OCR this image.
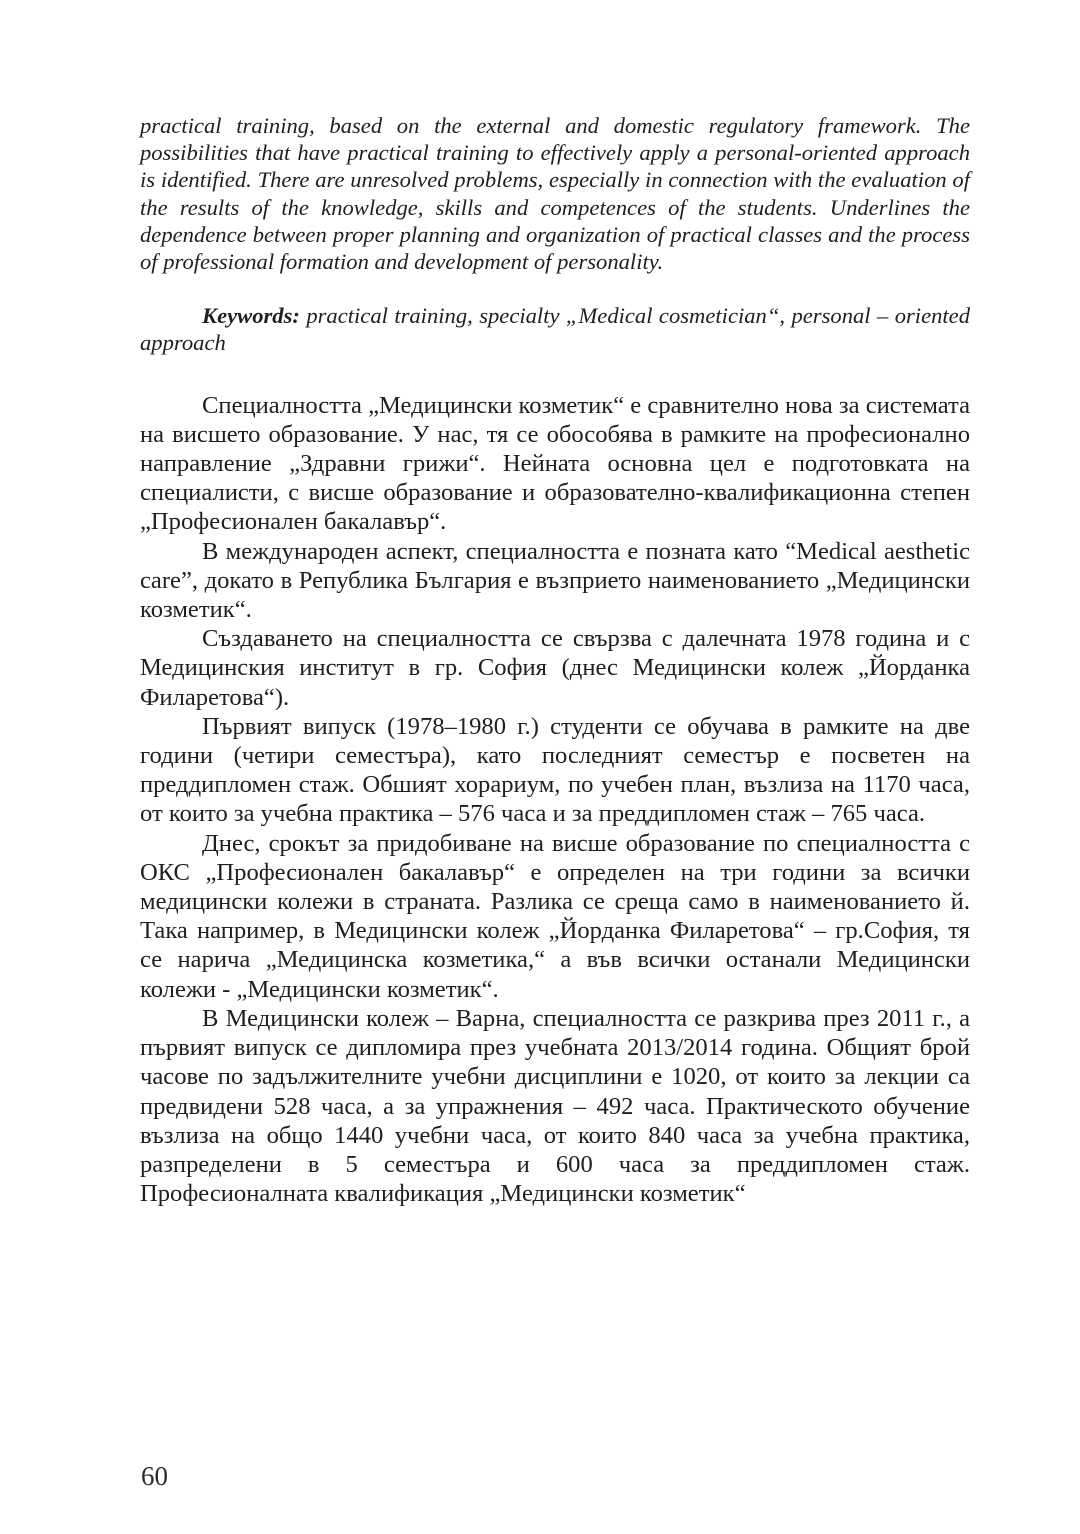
practical training, based on the external and domestic regulatory framework. The possibilities that have practical training to effectively apply a personal-oriented approach is identified. There are unresolved problems, especially in connection with the evaluation of the results of the knowledge, skills and competences of the students. Underlines the dependence between proper planning and organization of practical classes and the process of professional formation and development of personality.

Keywords: practical training, specialty „Medical cosmetician“, personal – oriented approach

Специалността „Медицински козметик“ е сравнително нова за системата на висшето образование. У нас, тя се обособява в рамките на професионално направление „Здравни грижи“. Нейната основна цел е подготовката на специалисти, с висше образование и образователно-квалификационна степен „Професионален бакалавър“.

В международен аспект, специалността е позната като “Medical aesthetic care”, докато в Република България е възприето наименованието „Медицински козметик“.

Създаването на специалността се свързва с далечната 1978 година и с Медицинския институт в гр. София (днес Медицински колеж „Йорданка Филаретова“).

Първият випуск (1978–1980 г.) студенти се обучава в рамките на две години (четири семестъра), като последният семестър е посветен на преддипломен стаж. Обшият хорариум, по учебен план, възлиза на 1170 часа, от които за учебна практика – 576 часа и за преддипломен стаж – 765 часа.

Днес, срокът за придобиване на висше образование по специалността с ОКС „Професионален бакалавър“ е определен на три години за всички медицински колежи в страната. Разлика се среща само в наименованието й. Така например, в Медицински колеж „Йорданка Филаретова“ – гр.София, тя се нарича „Медицинска козметика,“ а във всички останали Медицински колежи - „Медицински козметик“.

В Медицински колеж – Варна, специалността се разкрива през 2011 г., а първият випуск се дипломира през учебната 2013/2014 година. Общият брой часове по задължителните учебни дисциплини е 1020, от които за лекции са предвидени 528 часа, а за упражнения – 492 часа. Практическото обучение възлиза на общо 1440 учебни часа, от които 840 часа за учебна практика, разпределени в 5 семестъра и 600 часа за преддипломен стаж. Професионалната квалификация „Медицински козметик“

60
